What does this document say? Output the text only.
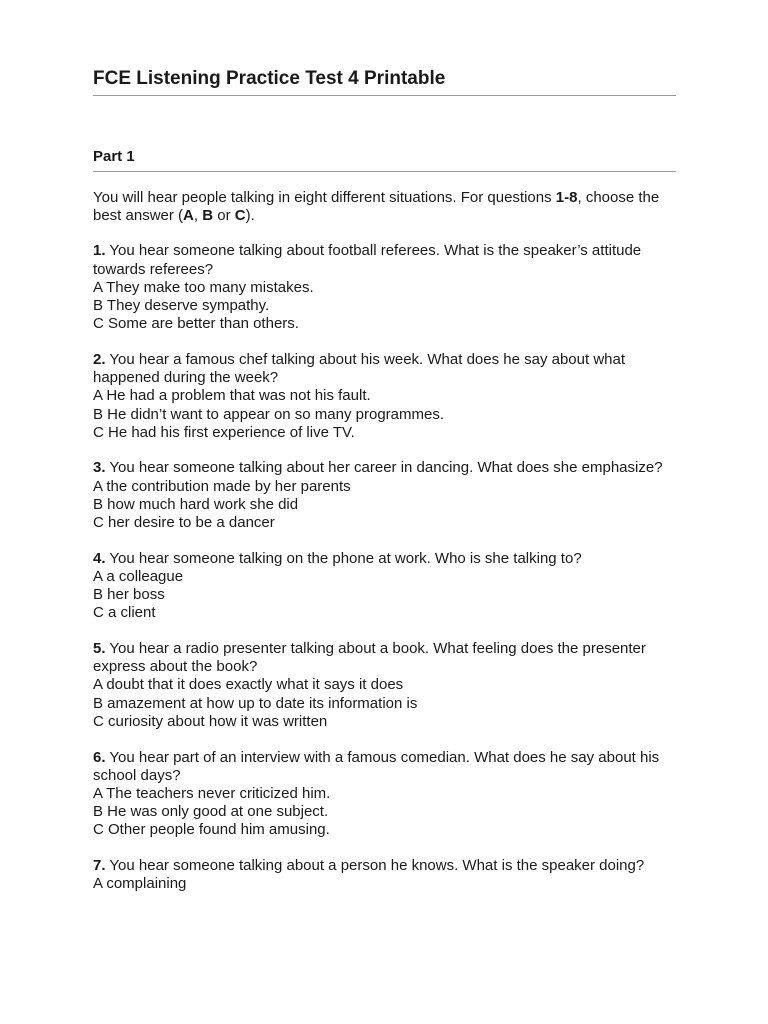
FCE Listening Practice Test 4 Printable
Part 1

You will hear people talking in eight different situations. For questions 1-8, choose the best answer (A, B or C).

1. You hear someone talking about football referees. What is the speaker’s attitude towards referees?

A They make too many mistakes.

B They deserve sympathy.

C Some are better than others.

2. You hear a famous chef talking about his week. What does he say about what happened during the week?

A He had a problem that was not his fault.

B He didn’t want to appear on so many programmes.

C He had his first experience of live TV.

3. You hear someone talking about her career in dancing. What does she emphasize?

A the contribution made by her parents

B how much hard work she did

C her desire to be a dancer

4. You hear someone talking on the phone at work. Who is she talking to?

A a colleague

B her boss

C a client

5. You hear a radio presenter talking about a book. What feeling does the presenter express about the book?

A doubt that it does exactly what it says it does

B amazement at how up to date its information is

C curiosity about how it was written

6. You hear part of an interview with a famous comedian. What does he say about his school days?

A The teachers never criticized him.

B He was only good at one subject.

C Other people found him amusing.

7. You hear someone talking about a person he knows. What is the speaker doing?

A complaining
